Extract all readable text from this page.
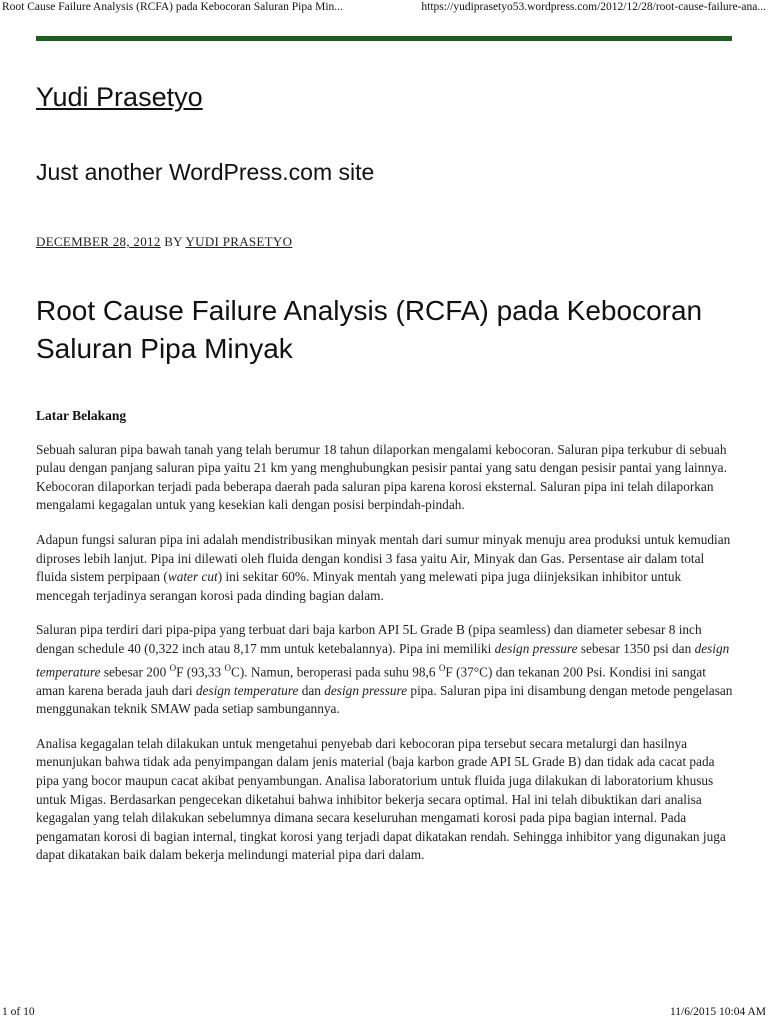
Root Cause Failure Analysis (RCFA) pada Kebocoran Saluran Pipa Min...	https://yudiprasetyo53.wordpress.com/2012/12/28/root-cause-failure-ana...
Yudi Prasetyo
Just another WordPress.com site
DECEMBER 28, 2012 BY YUDI PRASETYO
Root Cause Failure Analysis (RCFA) pada Kebocoran Saluran Pipa Minyak
Latar Belakang

Sebuah saluran pipa bawah tanah yang telah berumur 18 tahun dilaporkan mengalami kebocoran. Saluran pipa terkubur di sebuah pulau dengan panjang saluran pipa yaitu 21 km yang menghubungkan pesisir pantai yang satu dengan pesisir pantai yang lainnya. Kebocoran dilaporkan terjadi pada beberapa daerah pada saluran pipa karena korosi eksternal. Saluran pipa ini telah dilaporkan mengalami kegagalan untuk yang kesekian kali dengan posisi berpindah-pindah.

Adapun fungsi saluran pipa ini adalah mendistribusikan minyak mentah dari sumur minyak menuju area produksi untuk kemudian diproses lebih lanjut. Pipa ini dilewati oleh fluida dengan kondisi 3 fasa yaitu Air, Minyak dan Gas. Persentase air dalam total fluida sistem perpipaan (water cut) ini sekitar 60%. Minyak mentah yang melewati pipa juga diinjeksikan inhibitor untuk mencegah terjadinya serangan korosi pada dinding bagian dalam.

Saluran pipa terdiri dari pipa-pipa yang terbuat dari baja karbon API 5L Grade B (pipa seamless) dan diameter sebesar 8 inch dengan schedule 40 (0,322 inch atau 8,17 mm untuk ketebalannya). Pipa ini memiliki design pressure sebesar 1350 psi dan design temperature sebesar 200 $^O$F (93,33 $^O$C). Namun, beroperasi pada suhu 98,6 $^O$F (37°C) dan tekanan 200 Psi. Kondisi ini sangat aman karena berada jauh dari design temperature dan design pressure pipa. Saluran pipa ini disambung dengan metode pengelasan menggunakan teknik SMAW pada setiap sambungannya.

Analisa kegagalan telah dilakukan untuk mengetahui penyebab dari kebocoran pipa tersebut secara metalurgi dan hasilnya menunjukan bahwa tidak ada penyimpangan dalam jenis material (baja karbon grade API 5L Grade B) dan tidak ada cacat pada pipa yang bocor maupun cacat akibat penyambungan. Analisa laboratorium untuk fluida juga dilakukan di laboratorium khusus untuk Migas. Berdasarkan pengecekan diketahui bahwa inhibitor bekerja secara optimal. Hal ini telah dibuktikan dari analisa kegagalan yang telah dilakukan sebelumnya dimana secara keseluruhan mengamati korosi pada pipa bagian internal. Pada pengamatan korosi di bagian internal, tingkat korosi yang terjadi dapat dikatakan rendah. Sehingga inhibitor yang digunakan juga dapat dikatakan baik dalam bekerja melindungi material pipa dari dalam.

1 of 10	11/6/2015 10:04 AM
